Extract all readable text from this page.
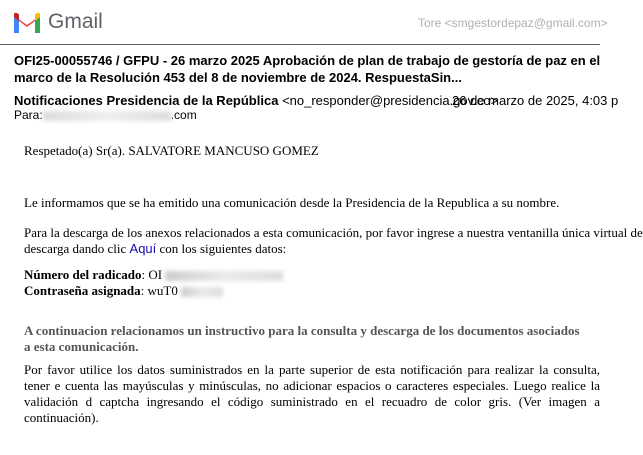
Gmail	Tore <smgestordepaz@gmail.com>
OFI25-00055746 / GFPU - 26 marzo 2025 Aprobación de plan de trabajo de gestoría de paz en el marco de la Resolución 453 del 8 de noviembre de 2024. RespuestaSin...
Notificaciones Presidencia de la República <no_responder@presidencia.gov.co>
26 de marzo de 2025, 4:03 p
Para:	.com
Respetado(a) Sr(a). SALVATORE MANCUSO GOMEZ
Le informamos que se ha emitido una comunicación desde la Presidencia de la Republica a su nombre.
Para la descarga de los anexos relacionados a esta comunicación, por favor ingrese a nuestra ventanilla única virtual de
descarga dando clic Aquí con los siguientes datos:
Número del radicado: OI
Contraseña asignada: wuT0
A continuacion relacionamos un instructivo para la consulta y descarga de los documentos asociados a esta comunicación.
Por favor utilice los datos suministrados en la parte superior de esta notificación para realizar la consulta, tener e cuenta las mayúsculas y minúsculas, no adicionar espacios o caracteres especiales. Luego realice la validación d captcha ingresando el código suministrado en el recuadro de color gris. (Ver imagen a continuación).
